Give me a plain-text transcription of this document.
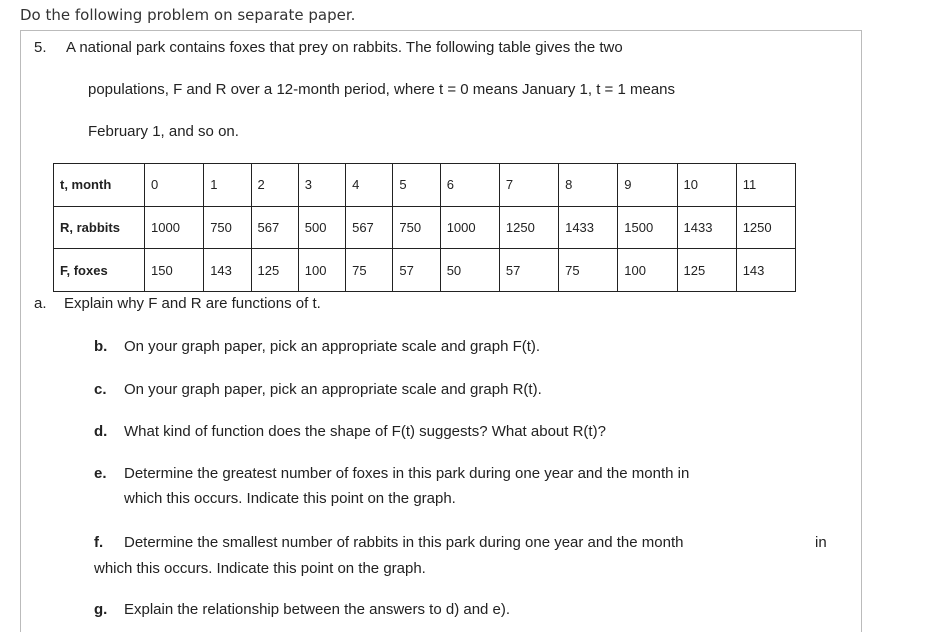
Do the following problem on separate paper.
5. A national park contains foxes that prey on rabbits. The following table gives the two
populations, F and R over a 12-month period, where t = 0 means January 1, t = 1 means
February 1, and so on.
t, month	0	1	2	3	4	5	6	7	8	9	10	11
R, rabbits	1000	750	567	500	567	750	1000	1250	1433	1500	1433	1250
F, foxes	150	143	125	100	75	57	50	57	75	100	125	143
a. Explain why F and R are functions of t.
b. On your graph paper, pick an appropriate scale and graph F(t).
c. On your graph paper, pick an appropriate scale and graph R(t).
d. What kind of function does the shape of F(t) suggests? What about R(t)?
e. Determine the greatest number of foxes in this park during one year and the month in
which this occurs. Indicate this point on the graph.
f. Determine the smallest number of rabbits in this park during one year and the month	in
which this occurs. Indicate this point on the graph.
g. Explain the relationship between the answers to d) and e).
